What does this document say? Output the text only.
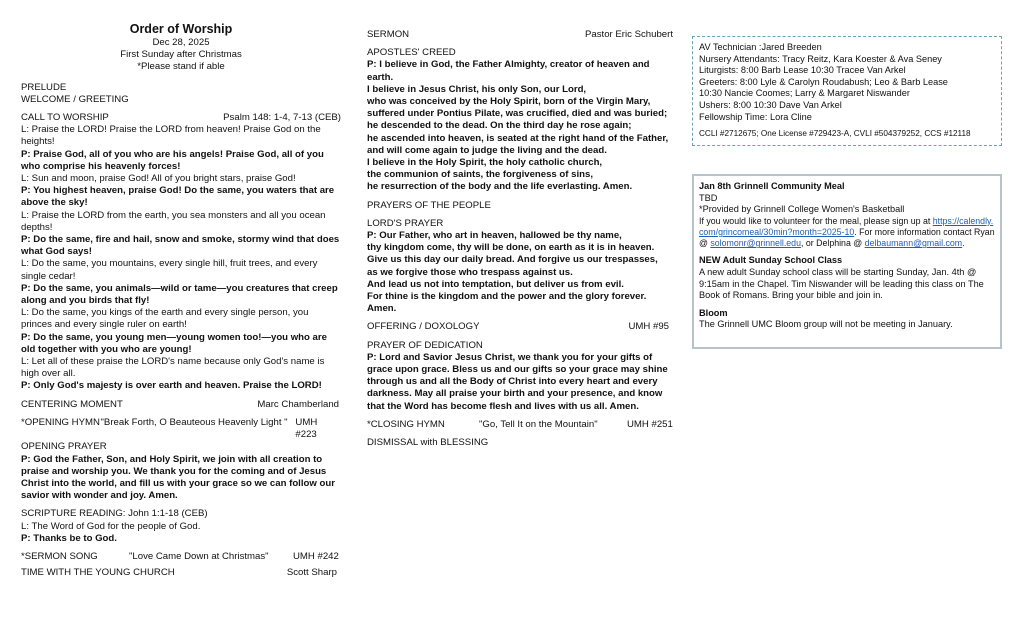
Order of Worship
Dec 28, 2025
First Sunday after Christmas
*Please stand if able
PRELUDE
WELCOME / GREETING
CALL TO WORSHIP	Psalm 148: 1-4, 7-13 (CEB)
L: Praise the LORD! Praise the LORD from heaven! Praise God on the heights!
P: Praise God, all of you who are his angels! Praise God, all of you who comprise his heavenly forces!
L: Sun and moon, praise God! All of you bright stars, praise God!
P: You highest heaven, praise God! Do the same, you waters that are above the sky!
L: Praise the LORD from the earth, you sea monsters and all you ocean depths!
P: Do the same, fire and hail, snow and smoke, stormy wind that does what God says!
L: Do the same, you mountains, every single hill, fruit trees, and every single cedar!
P: Do the same, you animals—wild or tame—you creatures that creep along and you birds that fly!
L: Do the same, you kings of the earth and every single person, you princes and every single ruler on earth!
P: Do the same, you young men—young women too!—you who are old together with you who are young!
L: Let all of these praise the LORD's name because only God's name is high over all.
P: Only God's majesty is over earth and heaven. Praise the LORD!
CENTERING MOMENT	Marc Chamberland
*OPENING HYMN "Break Forth, O Beauteous Heavenly Light " UMH #223
OPENING PRAYER
P: God the Father, Son, and Holy Spirit, we join with all creation to praise and worship you. We thank you for the coming and of Jesus Christ into the world, and fill us with your grace so we can follow our savior with wonder and joy. Amen.
SCRIPTURE READING: John 1:1-18 (CEB)
L: The Word of God for the people of God.
P: Thanks be to God.
*SERMON SONG	"Love Came Down at Christmas"	UMH #242
TIME WITH THE YOUNG CHURCH	Scott Sharp
SERMON	Pastor Eric Schubert
APOSTLES' CREED
P: I believe in God, the Father Almighty, creator of heaven and earth.
I believe in Jesus Christ, his only Son, our Lord,
who was conceived by the Holy Spirit, born of the Virgin Mary,
suffered under Pontius Pilate, was crucified, died and was buried;
he descended to the dead. On the third day he rose again;
he ascended into heaven, is seated at the right hand of the Father,
and will come again to judge the living and the dead.
I believe in the Holy Spirit, the holy catholic church,
the communion of saints, the forgiveness of sins,
he resurrection of the body and the life everlasting. Amen.
PRAYERS OF THE PEOPLE
LORD'S PRAYER
P: Our Father, who art in heaven, hallowed be thy name,
thy kingdom come, thy will be done, on earth as it is in heaven.
Give us this day our daily bread. And forgive us our trespasses,
as we forgive those who trespass against us.
And lead us not into temptation, but deliver us from evil.
For thine is the kingdom and the power and the glory forever. Amen.
OFFERING / DOXOLOGY	UMH #95
PRAYER OF DEDICATION
P: Lord and Savior Jesus Christ, we thank you for your gifts of grace upon grace. Bless us and our gifts so your grace may shine through us and all the Body of Christ into every heart and every darkness. May all praise your birth and your presence, and know that the Word has become flesh and lives with us all. Amen.
*CLOSING HYMN	"Go, Tell It on the Mountain"	UMH #251
DISMISSAL with BLESSING
AV Technician :Jared Breeden
Nursery Attendants: Tracy Reitz, Kara Koester & Ava Seney
Liturgists: 8:00 Barb Lease 10:30 Tracee Van Arkel
Greeters: 8:00 Lyle & Carolyn Roudabush; Leo & Barb Lease
10:30 Nancie Coomes; Larry & Margaret Niswander
Ushers: 8:00 10:30 Dave Van Arkel
Fellowship Time: Lora Cline
CCLI #2712675; One License #729423-A, CVLI #504379252, CCS #12118
Jan 8th Grinnell Community Meal
TBD
*Provided by Grinnell College Women's Basketball
If you would like to volunteer for the meal, please sign up at https://calendly.com/grincomeal/30min?month=2025-10. For more information contact Ryan @ solomonr@grinnell.edu, or Delphina @ delbaumann@gmail.com.
NEW Adult Sunday School Class
A new adult Sunday school class will be starting Sunday, Jan. 4th @ 9:15am in the Chapel. Tim Niswander will be leading this class on The Book of Romans. Bring your bible and join in.
Bloom
The Grinnell UMC Bloom group will not be meeting in January.
